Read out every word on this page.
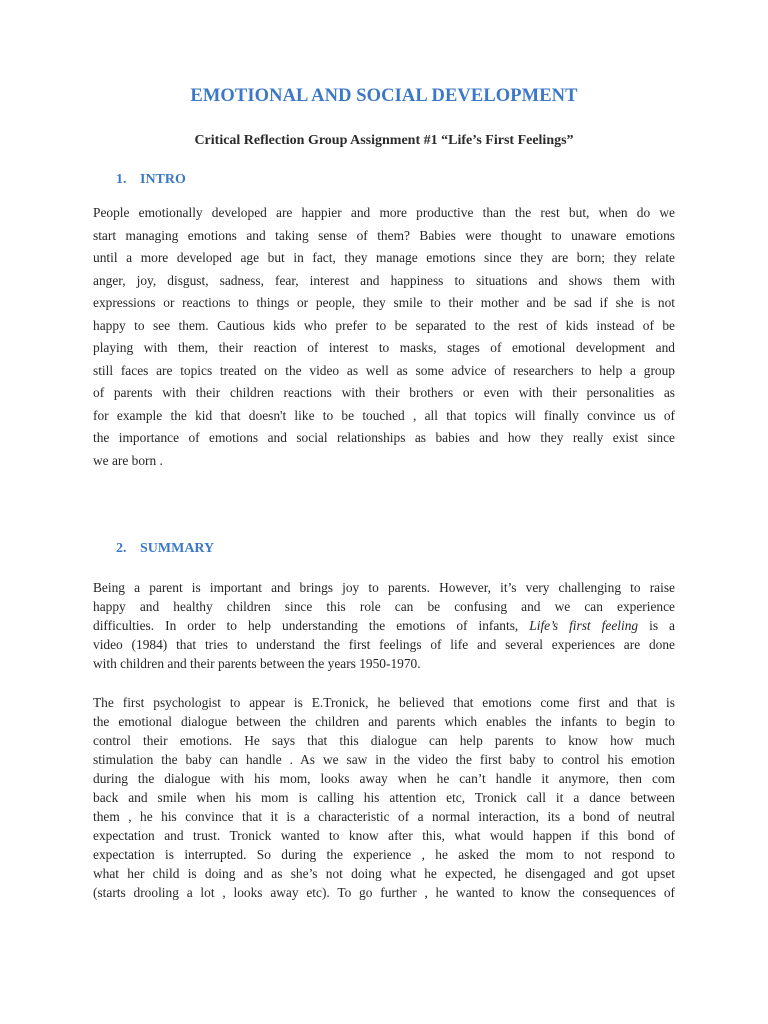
EMOTIONAL AND SOCIAL DEVELOPMENT
Critical Reflection Group Assignment #1 “Life’s First Feelings”
1. INTRO
People emotionally developed are happier and more productive than the rest but, when do we
start managing emotions and taking sense of them? Babies were thought to unaware emotions
until a more developed age but in fact, they manage emotions since they are born; they relate
anger, joy, disgust, sadness, fear, interest and happiness to situations and shows them with
expressions or reactions to things or people, they smile to their mother and be sad if she is not
happy to see them. Cautious kids who prefer to be separated to the rest of kids instead of be
playing with them, their reaction of interest to masks, stages of emotional development and
still faces are topics treated on the video as well as some advice of researchers to help a group
of parents with their children reactions with their brothers or even with their personalities as
for example the kid that doesn't like to be touched , all that topics will finally convince us of
the importance of emotions and social relationships as babies and how they really exist since
we are born .
2. SUMMARY
Being a parent is important and brings joy to parents. However, it’s very challenging to raise
happy and healthy children since this role can be confusing and we can experience
difficulties. In order to help understanding the emotions of infants, Life’s first feeling is a
video (1984) that tries to understand the first feelings of life and several experiences are done
with children and their parents between the years 1950-1970.
The first psychologist to appear is E.Tronick, he believed that emotions come first and that is
the emotional dialogue between the children and parents which enables the infants to begin to
control their emotions. He says that this dialogue can help parents to know how much
stimulation the baby can handle . As we saw in the video the first baby to control his emotion
during the dialogue with his mom, looks away when he can’t handle it anymore, then com
back and smile when his mom is calling his attention etc, Tronick call it a dance between
them , he his convince that it is a characteristic of a normal interaction, its a bond of neutral
expectation and trust. Tronick wanted to know after this, what would happen if this bond of
expectation is interrupted. So during the experience , he asked the mom to not respond to
what her child is doing and as she’s not doing what he expected, he disengaged and got upset
(starts drooling a lot , looks away etc). To go further , he wanted to know the consequences of
